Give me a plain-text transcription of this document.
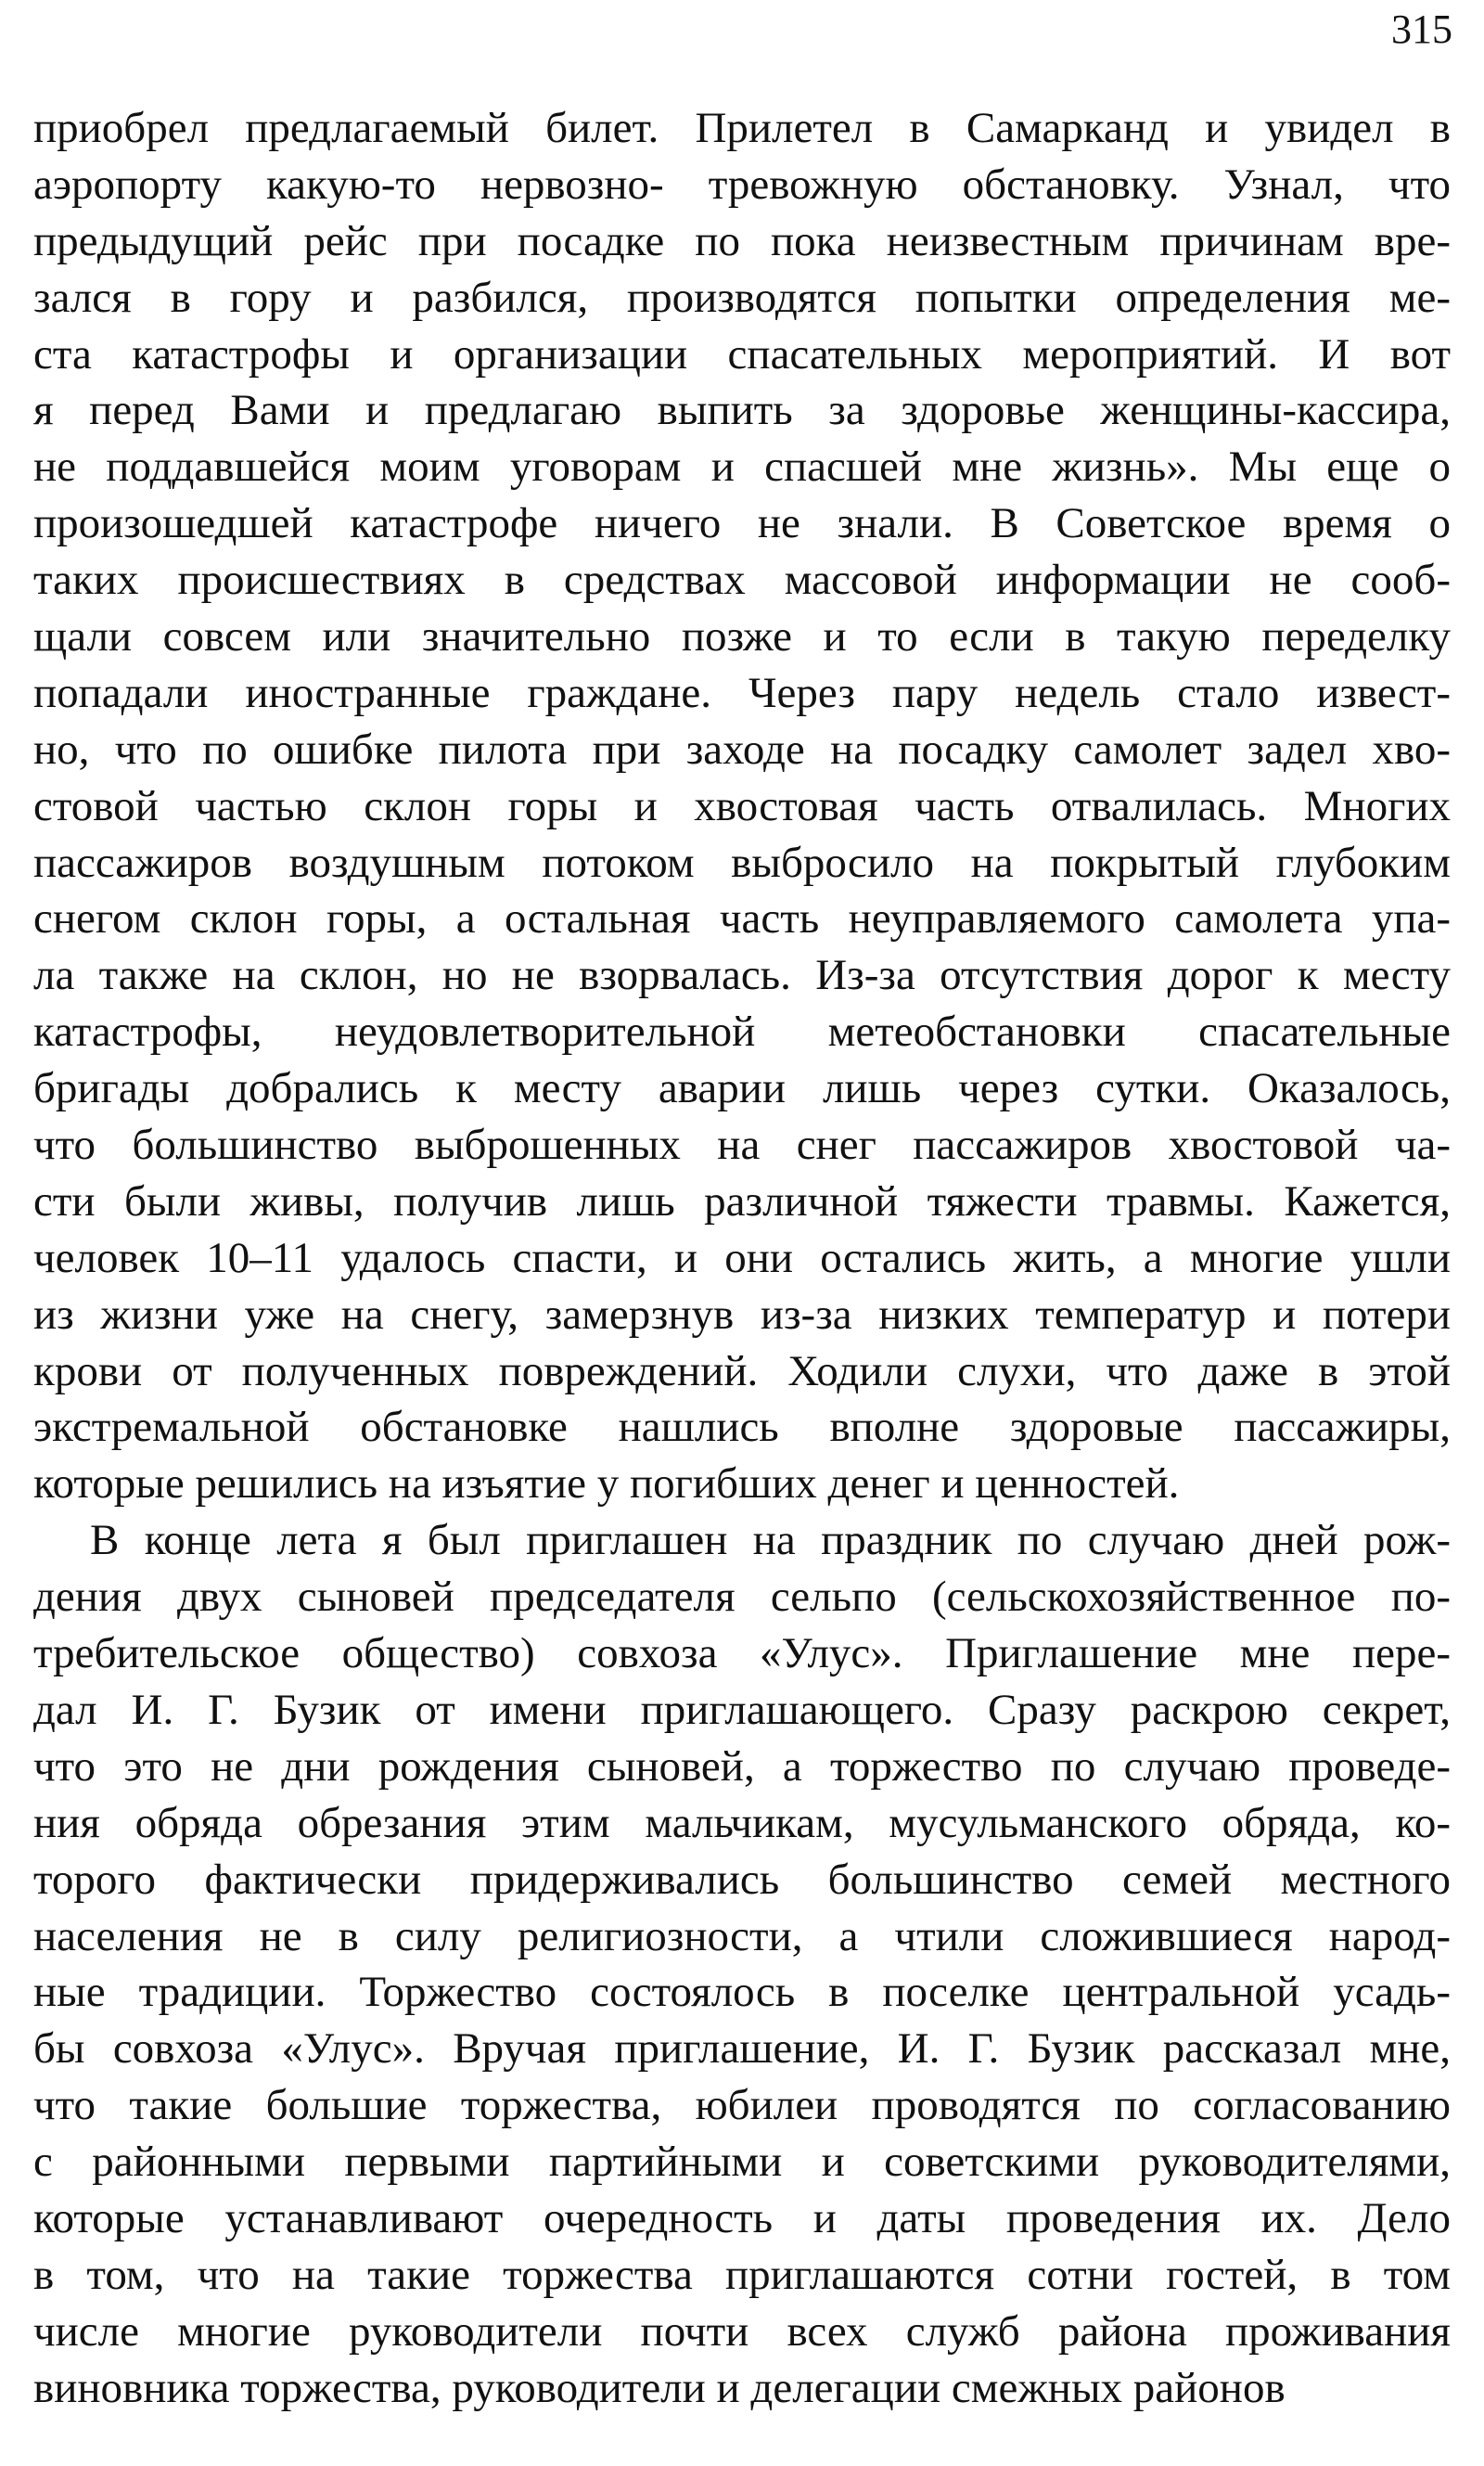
315
приобрел предлагаемый билет. Прилетел в Самарканд и увидел в
аэропорту какую-то нервозно- тревожную обстановку. Узнал, что
предыдущий рейс при посадке по пока неизвестным причинам вре-
зался в гору и разбился, производятся попытки определения ме-
ста катастрофы и организации спасательных мероприятий. И вот
я перед Вами и предлагаю выпить за здоровье женщины-кассира,
не поддавшейся моим уговорам и спасшей мне жизнь». Мы еще о
произошедшей катастрофе ничего не знали. В Советское время о
таких происшествиях в средствах массовой информации не сооб-
щали совсем или значительно позже и то если в такую переделку
попадали иностранные граждане. Через пару недель стало извест-
но, что по ошибке пилота при заходе на посадку самолет задел хво-
стовой частью склон горы и хвостовая часть отвалилась. Многих
пассажиров воздушным потоком выбросило на покрытый глубоким
снегом склон горы, а остальная часть неуправляемого самолета упа-
ла также на склон, но не взорвалась. Из-за отсутствия дорог к месту
катастрофы, неудовлетворительной метеобстановки спасательные
бригады добрались к месту аварии лишь через сутки. Оказалось,
что большинство выброшенных на снег пассажиров хвостовой ча-
сти были живы, получив лишь различной тяжести травмы. Кажется,
человек 10–11 удалось спасти, и они остались жить, а многие ушли
из жизни уже на снегу, замерзнув из-за низких температур и потери
крови от полученных повреждений. Ходили слухи, что даже в этой
экстремальной обстановке нашлись вполне здоровые пассажиры,
которые решились на изъятие у погибших денег и ценностей.
В конце лета я был приглашен на праздник по случаю дней рож-
дения двух сыновей председателя сельпо (сельскохозяйственное по-
требительское общество) совхоза «Улус». Приглашение мне пере-
дал И. Г. Бузик от имени приглашающего. Сразу раскрою секрет,
что это не дни рождения сыновей, а торжество по случаю проведе-
ния обряда обрезания этим мальчикам, мусульманского обряда, ко-
торого фактически придерживались большинство семей местного
населения не в силу религиозности, а чтили сложившиеся народ-
ные традиции. Торжество состоялось в поселке центральной усадь-
бы совхоза «Улус». Вручая приглашение, И. Г. Бузик рассказал мне,
что такие большие торжества, юбилеи проводятся по согласованию
с районными первыми партийными и советскими руководителями,
которые устанавливают очередность и даты проведения их. Дело
в том, что на такие торжества приглашаются сотни гостей, в том
числе многие руководители почти всех служб района проживания
виновника торжества, руководители и делегации смежных районов
